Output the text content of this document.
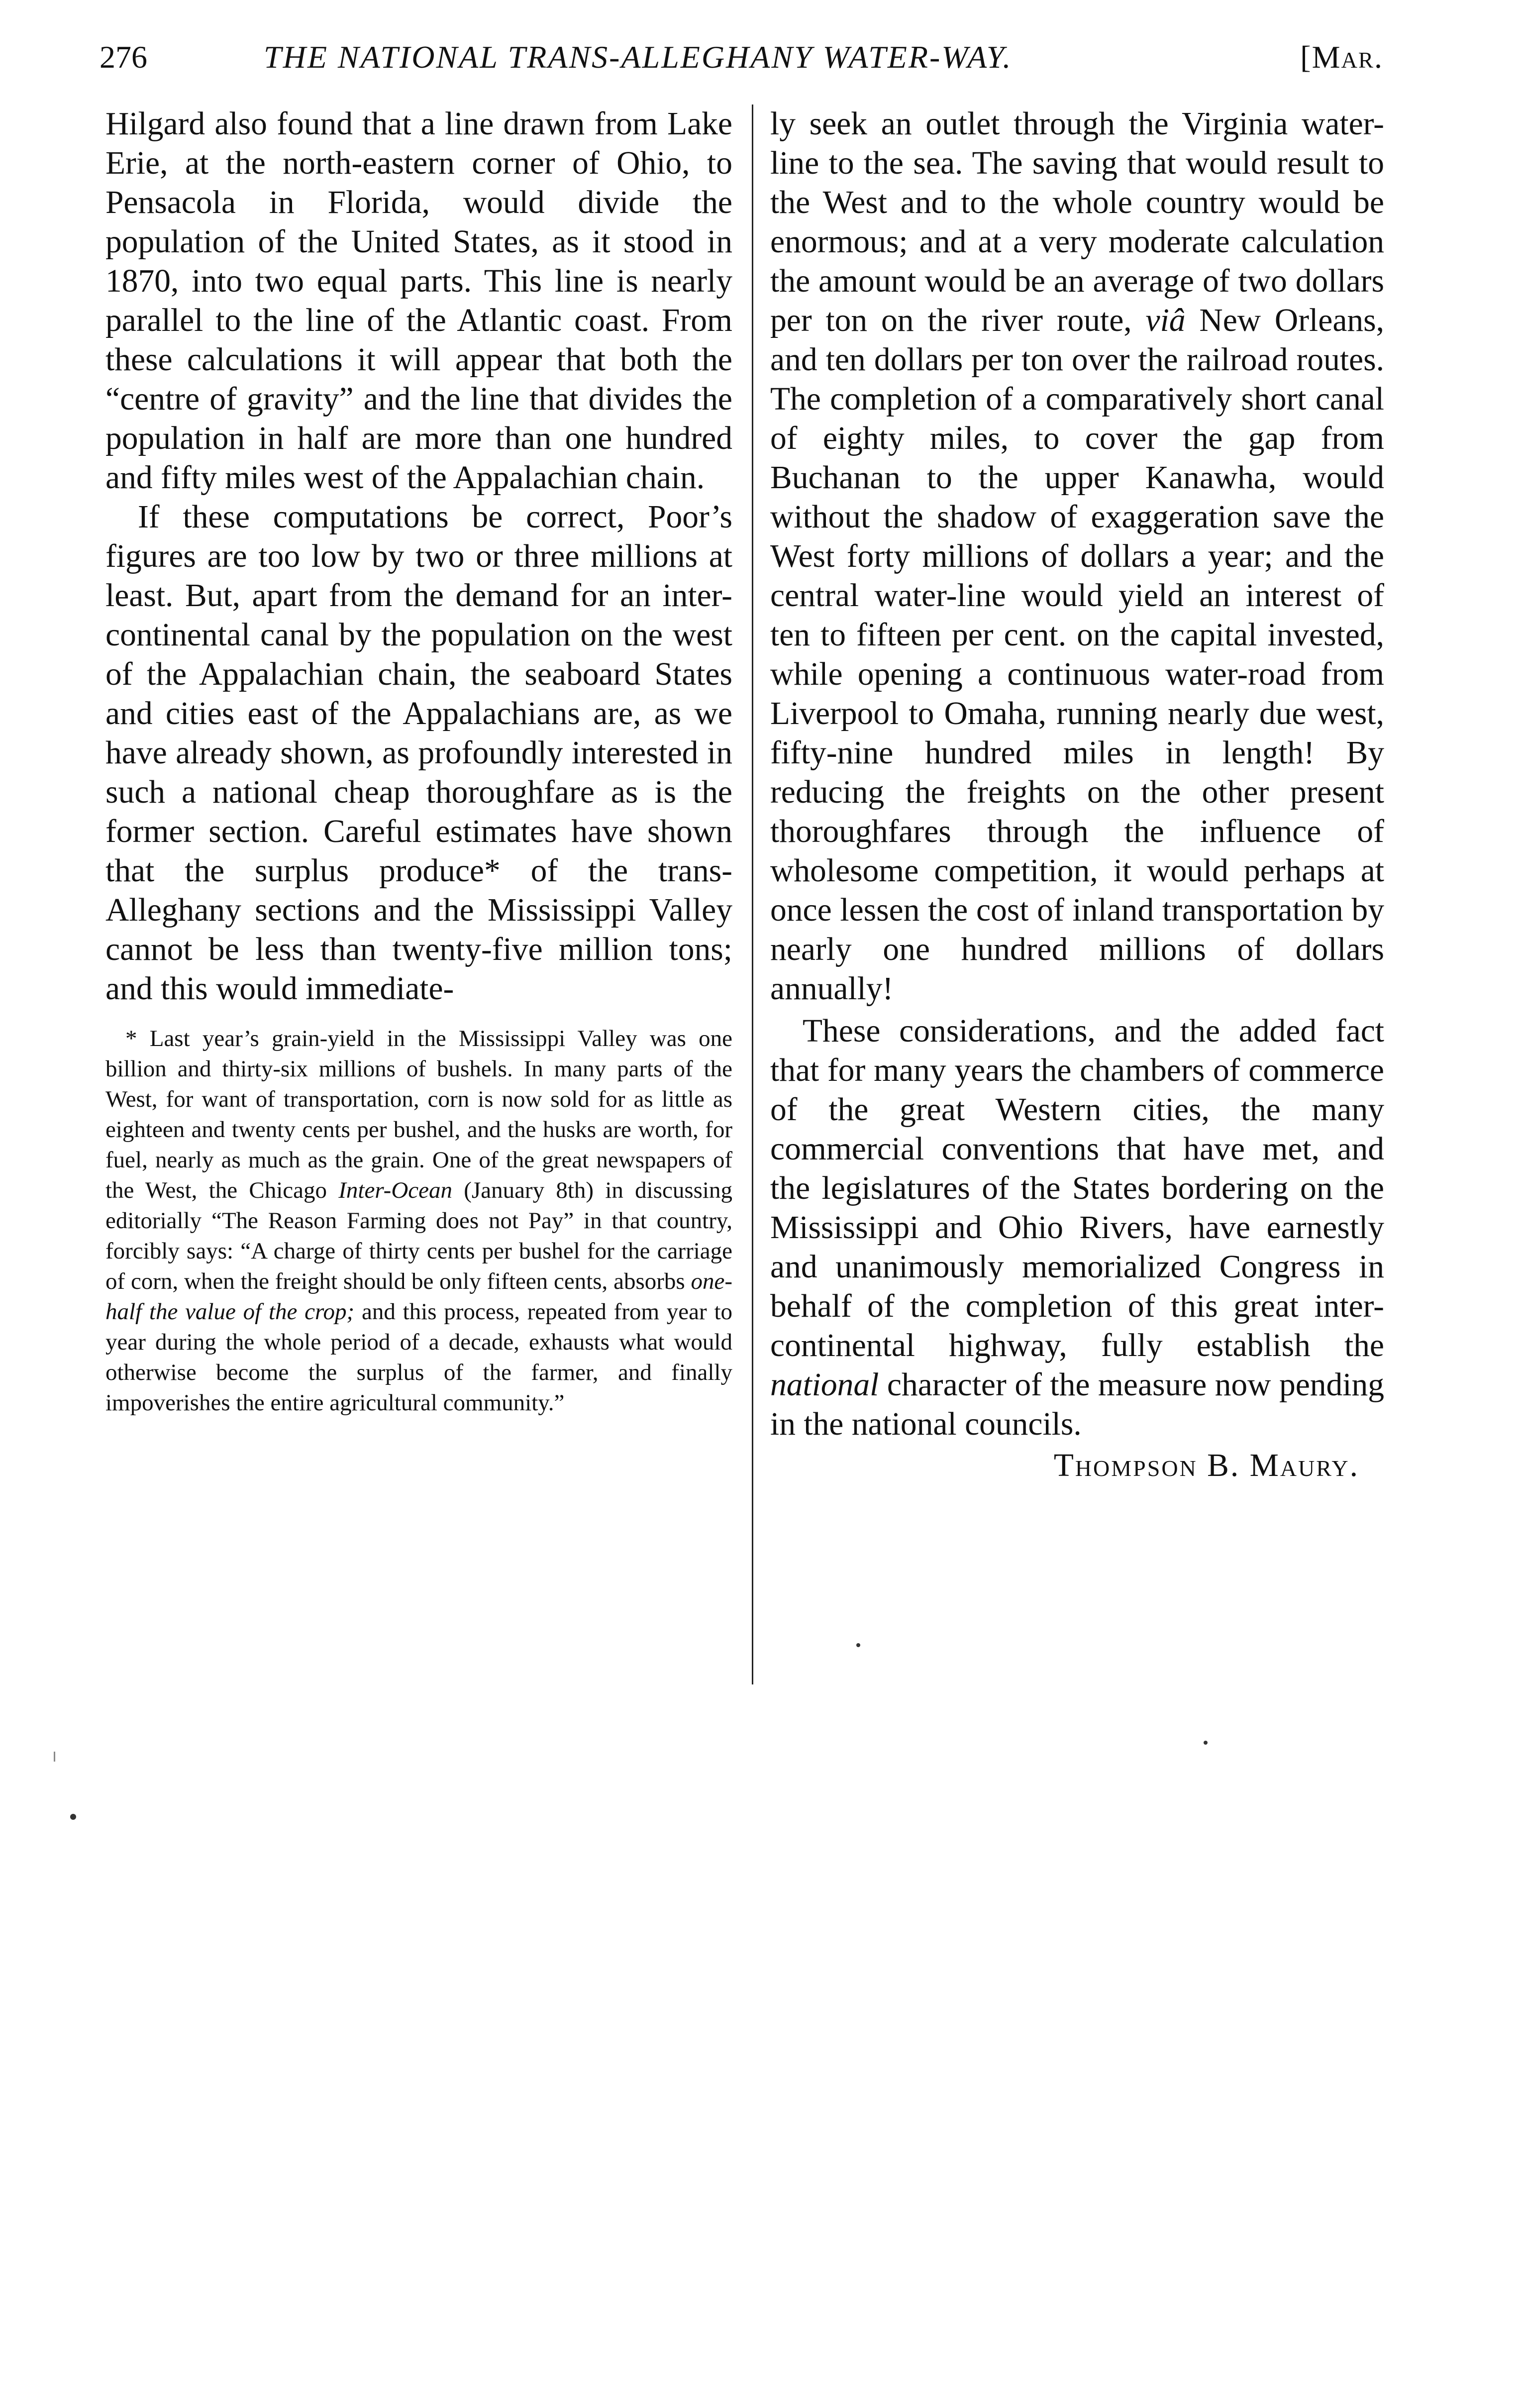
276	THE NATIONAL TRANS-ALLEGHANY WATER-WAY.	[Mar.

Hilgard also found that a line drawn from Lake Erie, at the north-eastern corner of Ohio, to Pensacola in Florida, would divide the population of the United States, as it stood in 1870, into two equal parts. This line is nearly parallel to the line of the Atlantic coast. From these calculations it will appear that both the “centre of gravity” and the line that divides the population in half are more than one hundred and fifty miles west of the Appalachian chain.

If these computations be correct, Poor’s figures are too low by two or three millions at least. But, apart from the demand for an inter-continental canal by the population on the west of the Appalachian chain, the seaboard States and cities east of the Appalachians are, as we have already shown, as profoundly interested in such a national cheap thoroughfare as is the former section. Careful estimates have shown that the surplus produce* of the trans-Alleghany sections and the Mississippi Valley cannot be less than twenty-five million tons; and this would immediate-

* Last year’s grain-yield in the Mississippi Valley was one billion and thirty-six millions of bushels. In many parts of the West, for want of transportation, corn is now sold for as little as eighteen and twenty cents per bushel, and the husks are worth, for fuel, nearly as much as the grain. One of the great newspapers of the West, the Chicago Inter-Ocean (January 8th) in discussing editorially “The Reason Farming does not Pay” in that country, forcibly says: “A charge of thirty cents per bushel for the carriage of corn, when the freight should be only fifteen cents, absorbs one-half the value of the crop; and this process, repeated from year to year during the whole period of a decade, exhausts what would otherwise become the surplus of the farmer, and finally impoverishes the entire agricultural community.”

ly seek an outlet through the Virginia water-line to the sea. The saving that would result to the West and to the whole country would be enormous; and at a very moderate calculation the amount would be an average of two dollars per ton on the river route, viâ New Orleans, and ten dollars per ton over the railroad routes. The completion of a comparatively short canal of eighty miles, to cover the gap from Buchanan to the upper Kanawha, would without the shadow of exaggeration save the West forty millions of dollars a year; and the central water-line would yield an interest of ten to fifteen per cent. on the capital invested, while opening a continuous water-road from Liverpool to Omaha, running nearly due west, fifty-nine hundred miles in length! By reducing the freights on the other present thoroughfares through the influence of wholesome competition, it would perhaps at once lessen the cost of inland transportation by nearly one hundred millions of dollars annually!

These considerations, and the added fact that for many years the chambers of commerce of the great Western cities, the many commercial conventions that have met, and the legislatures of the States bordering on the Mississippi and Ohio Rivers, have earnestly and unanimously memorialized Congress in behalf of the completion of this great inter-continental highway, fully establish the national character of the measure now pending in the national councils.

Thompson B. Maury.
